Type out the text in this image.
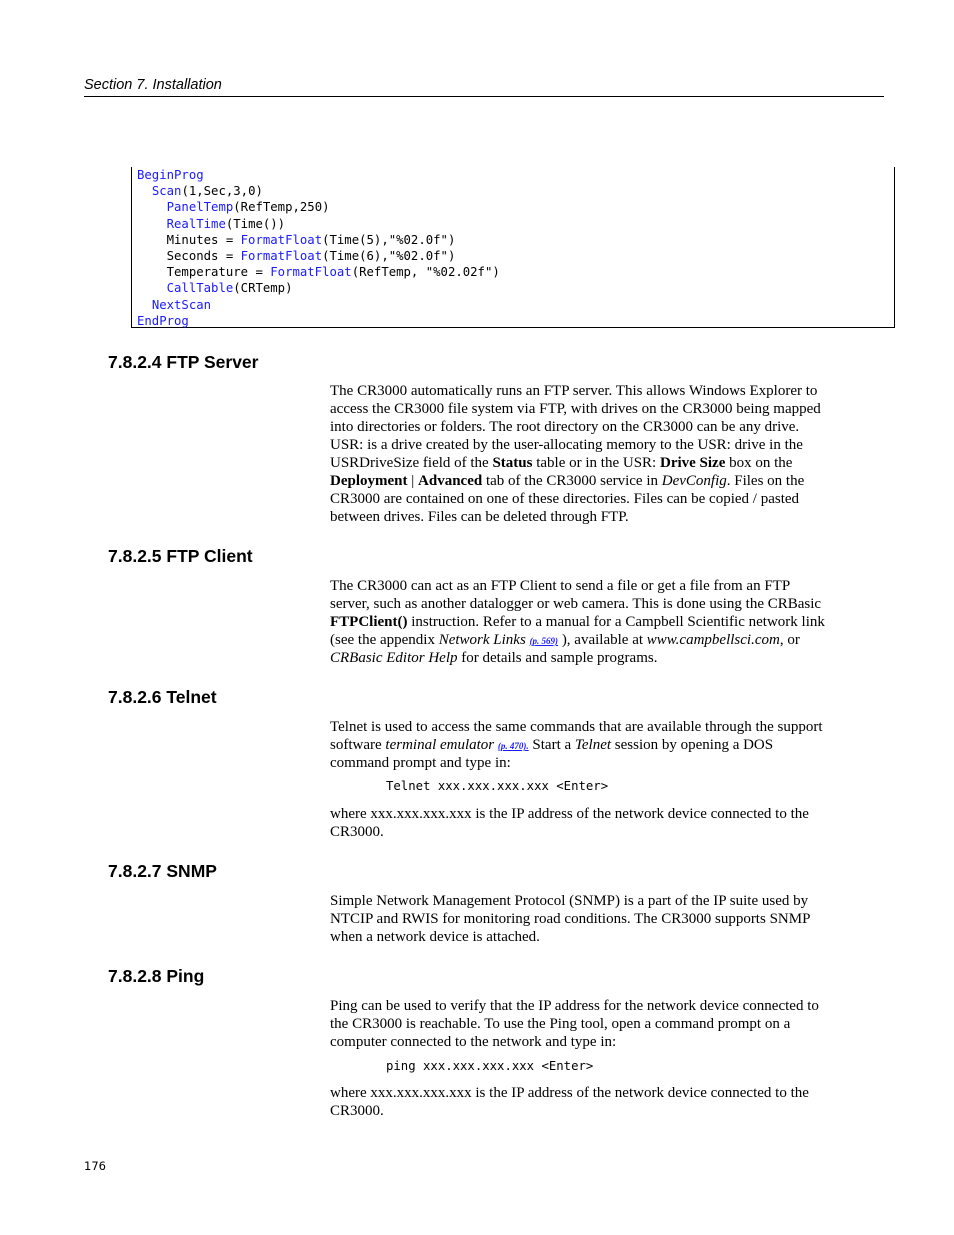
Section 7. Installation
BeginProg
Scan(1,Sec,3,0)
PanelTemp(RefTemp,250)
RealTime(Time())
Minutes = FormatFloat(Time(5),"%02.0f")
Seconds = FormatFloat(Time(6),"%02.0f")
Temperature = FormatFloat(RefTemp, "%02.02f")
CallTable(CRTemp)
NextScan
EndProg
7.8.2.4 FTP Server
The CR3000 automatically runs an FTP server. This allows Windows Explorer to
access the CR3000 file system via FTP, with drives on the CR3000 being mapped
into directories or folders. The root directory on the CR3000 can be any drive.
USR: is a drive created by the user-allocating memory to the USR: drive in the
USRDriveSize field of the Status table or in the USR: Drive Size box on the
Deployment | Advanced tab of the CR3000 service in DevConfig. Files on the
CR3000 are contained on one of these directories. Files can be copied / pasted
between drives. Files can be deleted through FTP.
7.8.2.5 FTP Client
The CR3000 can act as an FTP Client to send a file or get a file from an FTP
server, such as another datalogger or web camera. This is done using the CRBasic
FTPClient() instruction. Refer to a manual for a Campbell Scientific network link
(see the appendix Network Links (p. 569) ), available at www.campbellsci.com, or
CRBasic Editor Help for details and sample programs.
7.8.2.6 Telnet
Telnet is used to access the same commands that are available through the support
software terminal emulator (p. 470). Start a Telnet session by opening a DOS
command prompt and type in:
Telnet xxx.xxx.xxx.xxx <Enter>
where xxx.xxx.xxx.xxx is the IP address of the network device connected to the
CR3000.
7.8.2.7 SNMP
Simple Network Management Protocol (SNMP) is a part of the IP suite used by
NTCIP and RWIS for monitoring road conditions. The CR3000 supports SNMP
when a network device is attached.
7.8.2.8 Ping
Ping can be used to verify that the IP address for the network device connected to
the CR3000 is reachable. To use the Ping tool, open a command prompt on a
computer connected to the network and type in:
ping xxx.xxx.xxx.xxx <Enter>
where xxx.xxx.xxx.xxx is the IP address of the network device connected to the
CR3000.
176
